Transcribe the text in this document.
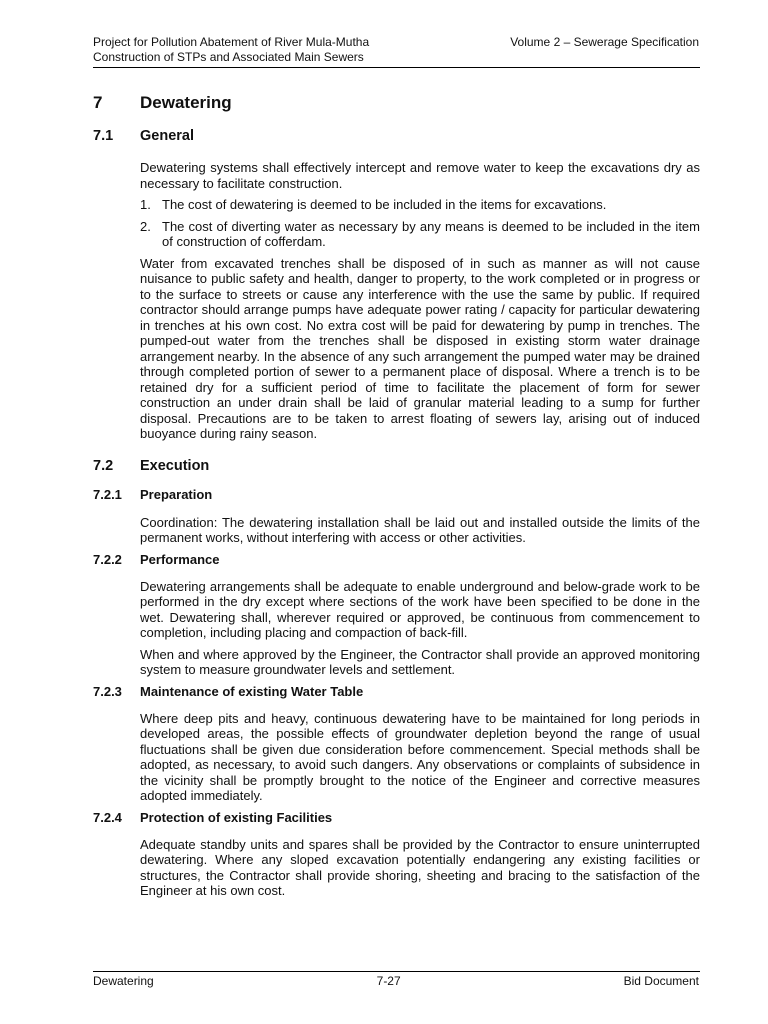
Project for Pollution Abatement of River Mula-Mutha	Volume 2 – Sewerage Specification
Construction of STPs and Associated Main Sewers
7	Dewatering
7.1	General

Dewatering systems shall effectively intercept and remove water to keep the excavations dry as necessary to facilitate construction.

1. The cost of dewatering is deemed to be included in the items for excavations.
2. The cost of diverting water as necessary by any means is deemed to be included in the item of construction of cofferdam.

Water from excavated trenches shall be disposed of in such as manner as will not cause nuisance to public safety and health, danger to property, to the work completed or in progress or to the surface to streets or cause any interference with the use the same by public. If required contractor should arrange pumps have adequate power rating / capacity for particular dewatering in trenches at his own cost. No extra cost will be paid for dewatering by pump in trenches. The pumped-out water from the trenches shall be disposed in existing storm water drainage arrangement nearby. In the absence of any such arrangement the pumped water may be drained through completed portion of sewer to a permanent place of disposal. Where a trench is to be retained dry for a sufficient period of time to facilitate the placement of form for sewer construction an under drain shall be laid of granular material leading to a sump for further disposal. Precautions are to be taken to arrest floating of sewers lay, arising out of induced buoyance during rainy season.

7.2	Execution
7.2.1	Preparation

Coordination: The dewatering installation shall be laid out and installed outside the limits of the permanent works, without interfering with access or other activities.

7.2.2	Performance

Dewatering arrangements shall be adequate to enable underground and below-grade work to be performed in the dry except where sections of the work have been specified to be done in the wet. Dewatering shall, wherever required or approved, be continuous from commencement to completion, including placing and compaction of back-fill.

When and where approved by the Engineer, the Contractor shall provide an approved monitoring system to measure groundwater levels and settlement.

7.2.3	Maintenance of existing Water Table

Where deep pits and heavy, continuous dewatering have to be maintained for long periods in developed areas, the possible effects of groundwater depletion beyond the range of usual fluctuations shall be given due consideration before commencement. Special methods shall be adopted, as necessary, to avoid such dangers. Any observations or complaints of subsidence in the vicinity shall be promptly brought to the notice of the Engineer and corrective measures adopted immediately.

7.2.4	Protection of existing Facilities

Adequate standby units and spares shall be provided by the Contractor to ensure uninterrupted dewatering. Where any sloped excavation potentially endangering any existing facilities or structures, the Contractor shall provide shoring, sheeting and bracing to the satisfaction of the Engineer at his own cost.

Dewatering	7-27	Bid Document
